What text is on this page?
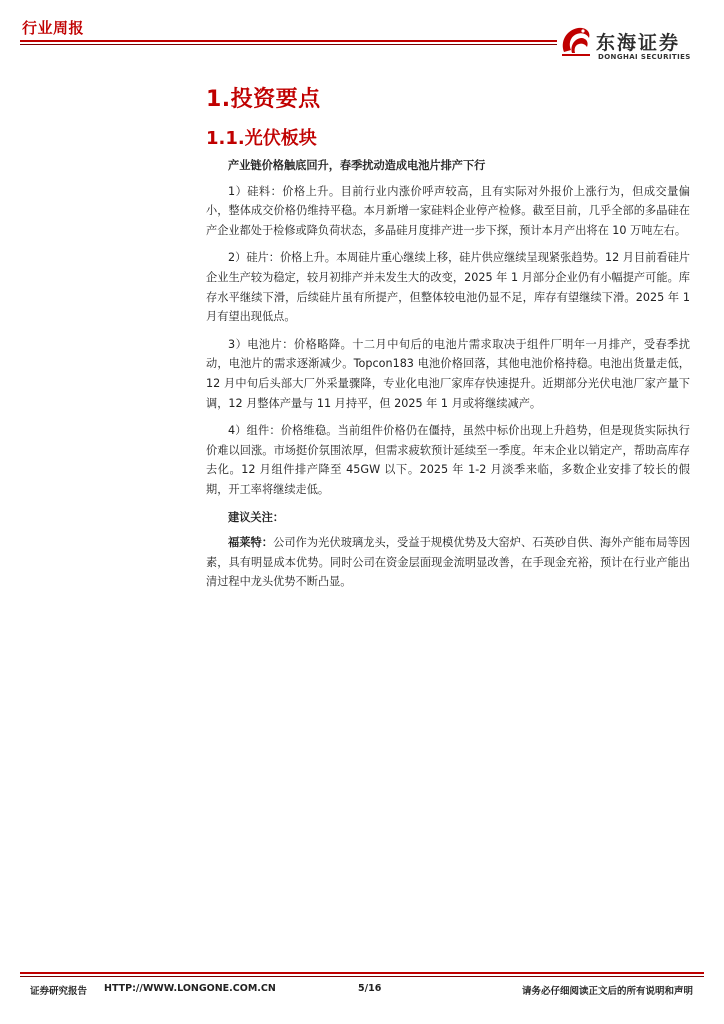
行业周报
东海证券
DONGHAI SECURITIES
1.投资要点
1.1.光伏板块

产业链价格触底回升，春季扰动造成电池片排产下行

1）硅料：价格上升。目前行业内涨价呼声较高，且有实际对外报价上涨行为，但成交量偏小，整体成交价格仍维持平稳。本月新增一家硅料企业停产检修。截至目前，几乎全部的多晶硅在产企业都处于检修或降负荷状态，多晶硅月度排产进一步下探，预计本月产出将在 10 万吨左右。

2）硅片：价格上升。本周硅片重心继续上移，硅片供应继续呈现紧张趋势。12 月目前看硅片企业生产较为稳定，较月初排产并未发生大的改变，2025 年 1 月部分企业仍有小幅提产可能。库存水平继续下滑，后续硅片虽有所提产，但整体较电池仍显不足，库存有望继续下滑。2025 年 1 月有望出现低点。

3）电池片：价格略降。十二月中旬后的电池片需求取决于组件厂明年一月排产，受春季扰动，电池片的需求逐渐减少。Topcon183 电池价格回落，其他电池价格持稳。电池出货量走低，12 月中旬后头部大厂外采量骤降，专业化电池厂家库存快速提升。近期部分光伏电池厂家产量下调，12 月整体产量与 11 月持平，但 2025 年 1 月或将继续减产。

4）组件：价格维稳。当前组件价格仍在僵持，虽然中标价出现上升趋势，但是现货实际执行价难以回涨。市场挺价氛围浓厚，但需求疲软预计延续至一季度。年末企业以销定产，帮助高库存去化。12 月组件排产降至 45GW 以下。2025 年 1-2 月淡季来临，多数企业安排了较长的假期，开工率将继续走低。

建议关注：

福莱特：公司作为光伏玻璃龙头，受益于规模优势及大窑炉、石英砂自供、海外产能布局等因素，具有明显成本优势。同时公司在资金层面现金流明显改善，在手现金充裕，预计在行业产能出清过程中龙头优势不断凸显。

证券研究报告 HTTP://WWW.LONGONE.COM.CN	5/16	请务必仔细阅读正文后的所有说明和声明
